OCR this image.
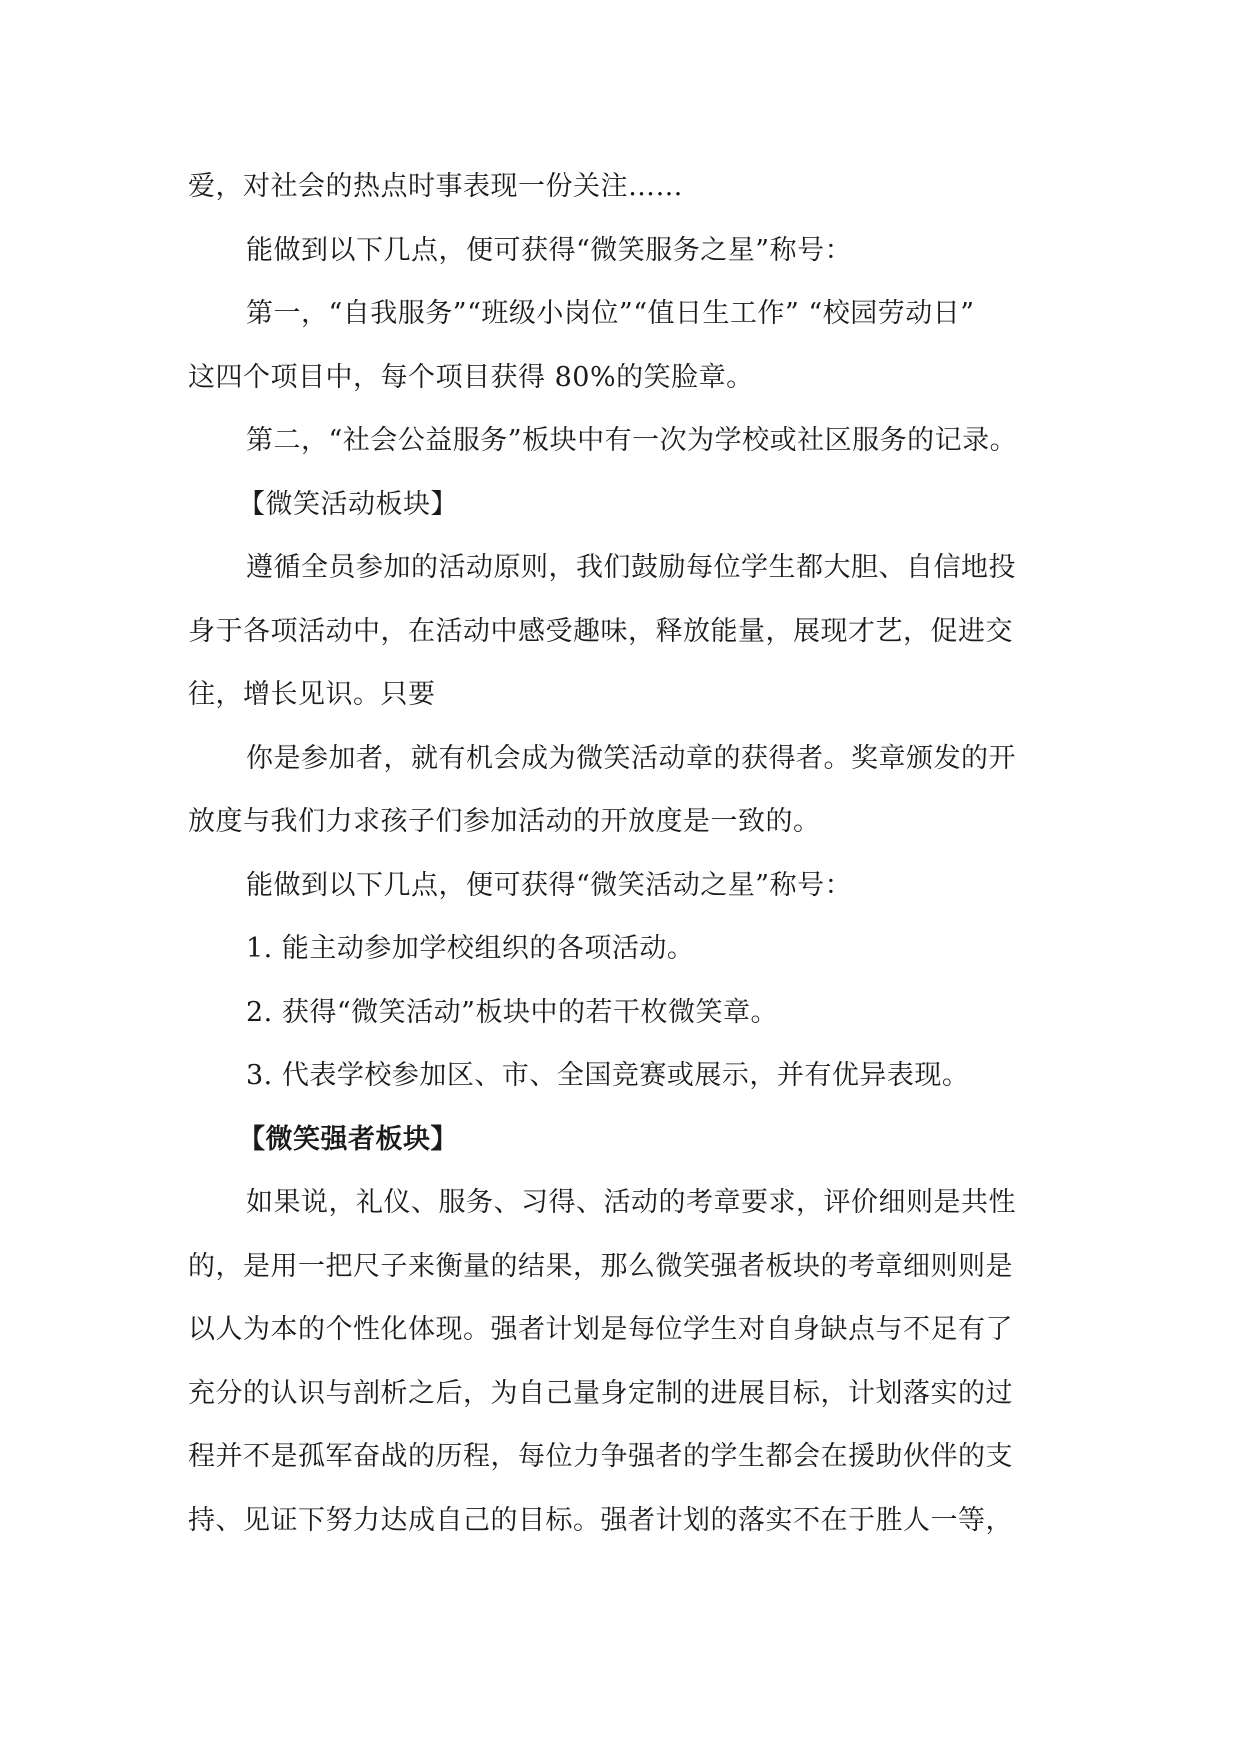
爱，对社会的热点时事表现一份关注……
能做到以下几点，便可获得“微笑服务之星”称号：
第一，“自我服务”“班级小岗位”“值日生工作” “校园劳动日”
这四个项目中，每个项目获得 80%的笑脸章。
第二，“社会公益服务”板块中有一次为学校或社区服务的记录。
【微笑活动板块】
遵循全员参加的活动原则，我们鼓励每位学生都大胆、自信地投
身于各项活动中，在活动中感受趣味，释放能量，展现才艺，促进交
往，增长见识。只要
你是参加者，就有机会成为微笑活动章的获得者。奖章颁发的开
放度与我们力求孩子们参加活动的开放度是一致的。
能做到以下几点，便可获得“微笑活动之星”称号：
1. 能主动参加学校组织的各项活动。
2. 获得“微笑活动”板块中的若干枚微笑章。
3. 代表学校参加区、市、全国竞赛或展示，并有优异表现。
【微笑强者板块】
如果说，礼仪、服务、习得、活动的考章要求，评价细则是共性
的，是用一把尺子来衡量的结果，那么微笑强者板块的考章细则则是
以人为本的个性化体现。强者计划是每位学生对自身缺点与不足有了
充分的认识与剖析之后，为自己量身定制的进展目标，计划落实的过
程并不是孤军奋战的历程，每位力争强者的学生都会在援助伙伴的支
持、见证下努力达成自己的目标。强者计划的落实不在于胜人一等，
